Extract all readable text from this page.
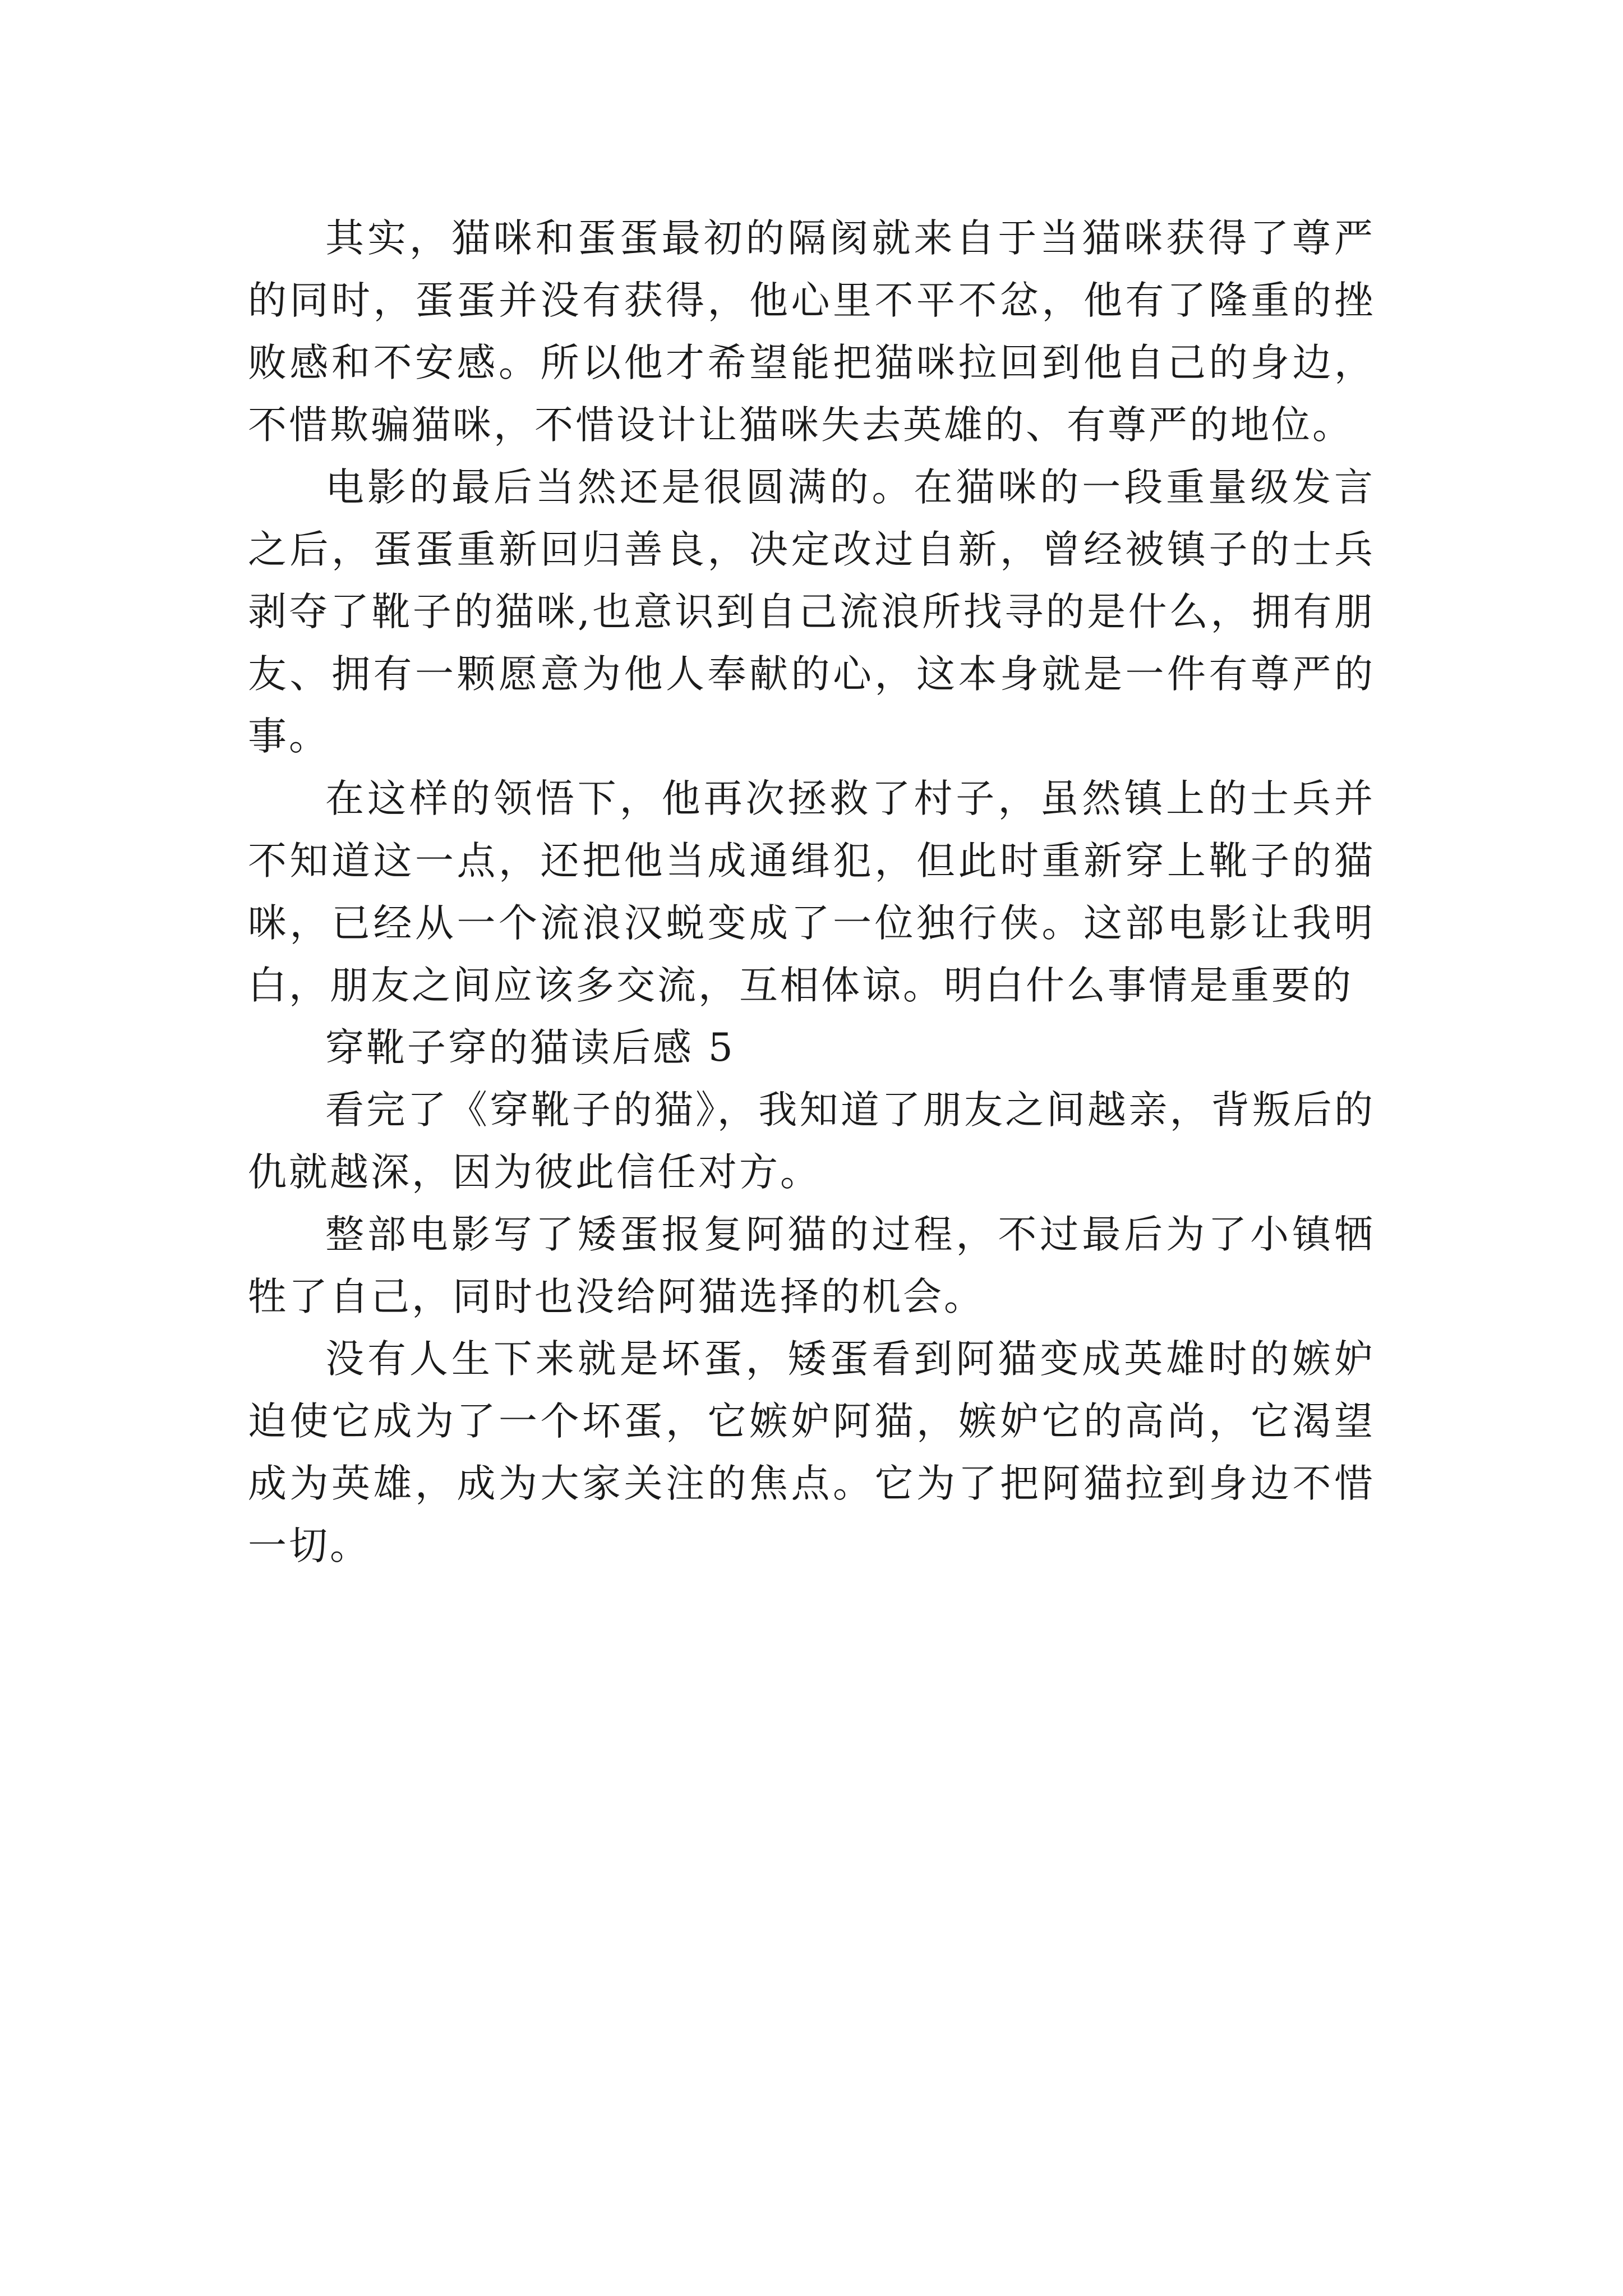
其实，猫咪和蛋蛋最初的隔阂就来自于当猫咪获得了尊严的同时，蛋蛋并没有获得，他心里不平不忿，他有了隆重的挫败感和不安感。所以他才希望能把猫咪拉回到他自己的身边，不惜欺骗猫咪，不惜设计让猫咪失去英雄的、有尊严的地位。

电影的最后当然还是很圆满的。在猫咪的一段重量级发言之后，蛋蛋重新回归善良，决定改过自新，曾经被镇子的士兵剥夺了靴子的猫咪,也意识到自己流浪所找寻的是什么，拥有朋友、拥有一颗愿意为他人奉献的心，这本身就是一件有尊严的事。

在这样的领悟下，他再次拯救了村子，虽然镇上的士兵并不知道这一点，还把他当成通缉犯，但此时重新穿上靴子的猫咪，已经从一个流浪汉蜕变成了一位独行侠。这部电影让我明白，朋友之间应该多交流，互相体谅。明白什么事情是重要的

穿靴子穿的猫读后感 5

看完了《穿靴子的猫》，我知道了朋友之间越亲，背叛后的仇就越深，因为彼此信任对方。

整部电影写了矮蛋报复阿猫的过程，不过最后为了小镇牺牲了自己，同时也没给阿猫选择的机会。

没有人生下来就是坏蛋，矮蛋看到阿猫变成英雄时的嫉妒迫使它成为了一个坏蛋，它嫉妒阿猫，嫉妒它的高尚，它渴望成为英雄，成为大家关注的焦点。它为了把阿猫拉到身边不惜一切。
